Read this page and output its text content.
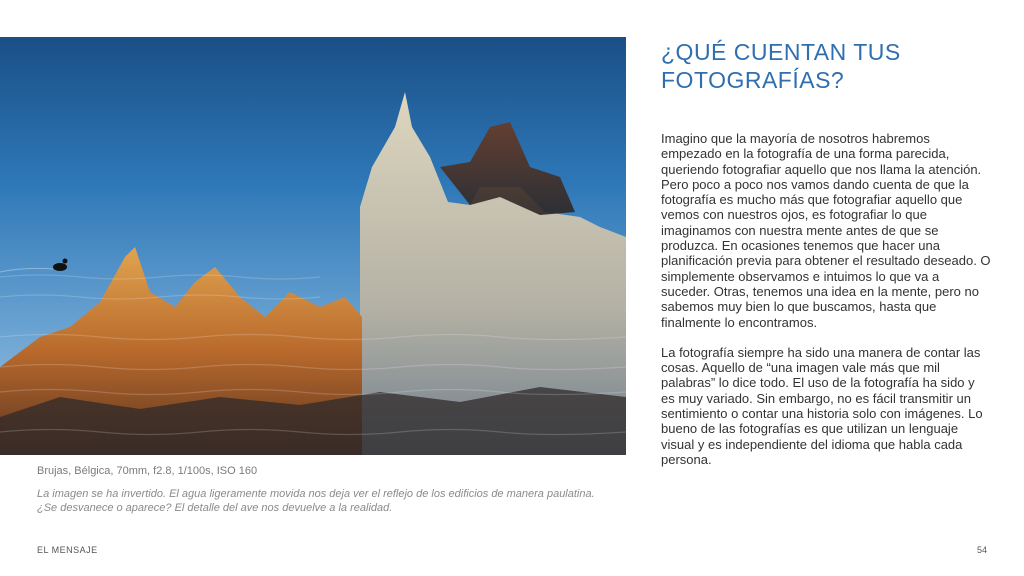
Brujas, Bélgica, 70mm, f2.8, 1/100s, ISO 160

La imagen se ha invertido. El agua ligeramente movida nos deja ver el reflejo de los edificios de manera paulatina.
¿Se desvanece o aparece? El detalle del ave nos devuelve a la realidad.

¿QUÉ CUENTAN TUS
FOTOGRAFÍAS?

Imagino que la mayoría de nosotros habremos empezado en la fotografía de una forma parecida, queriendo fotografiar aquello que nos llama la atención. Pero poco a poco nos vamos dando cuenta de que la fotografía es mucho más que fotografiar aquello que vemos con nuestros ojos, es fotografiar lo que imaginamos con nuestra mente antes de que se produzca. En ocasiones tenemos que hacer una planificación previa para obtener el resultado deseado. O simplemente observamos e intuimos lo que va a suceder. Otras, tenemos una idea en la mente, pero no sabemos muy bien lo que buscamos, hasta que finalmente lo encontramos.

La fotografía siempre ha sido una manera de contar las cosas. Aquello de “una imagen vale más que mil palabras” lo dice todo. El uso de la fotografía ha sido y es muy variado. Sin embargo, no es fácil transmitir un sentimiento o contar una historia solo con imágenes. Lo bueno de las fotografías es que utilizan un lenguaje visual y es independiente del idioma que habla cada persona.

EL MENSAJE	54
